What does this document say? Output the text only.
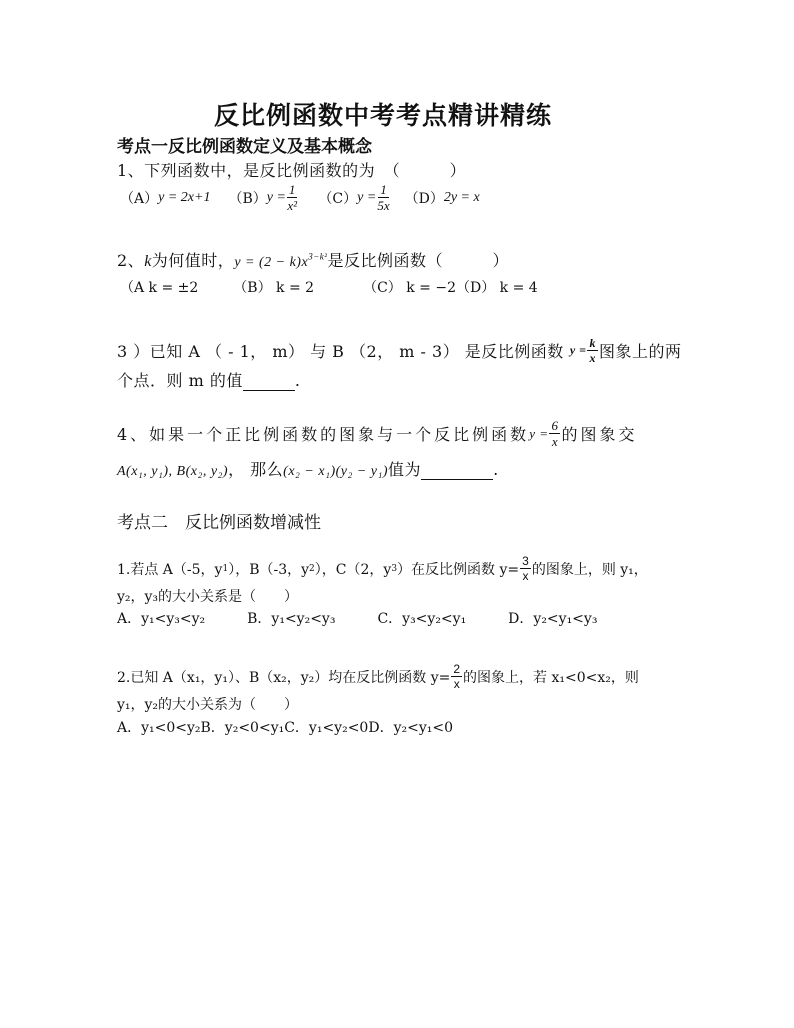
反比例函数中考考点精讲精练
考点一反比例函数定义及基本概念
1、下列函数中，是反比例函数的为　（　　　）
（A） y = 2x+1 （B） $y = \frac{1}{\text{x²}} (C) y = \frac{1}{5x} (D) 2y = x$
2、k为何值时，$y = (2 - k)x^{3-k^2}$是反比例函数（　　　）
（A k = ±2　　　（B） k = 2　　　　（C） k = −2（D） k = 4
3 ）已知 A （ - 1， m） 与 B （2， m - 3） 是反比例函数 $y = \frac{k}{x}$ 图象上的两
个点．则 m 的值	.
4、如果一个正比例函数的图象与一个反比例函数 $y = \frac{6}{x}$ 的图象交
A(x₁, y₁), B(x₂, y₂)， 那么(x₂ − x₁)(y₂ − y₁)值为	.
考点二　反比例函数增减性
1.若点 A（-5，y 1 ），B（-3，y 2 ），C（2，y 3 ）在反比例函数 $y= \frac{3}{x}$ 的图象上，则 y₁，
y₂，y₃的大小关系是（　　）
A．y₁<y₃<y₂　　　B．y₁<y₂<y₃　　　C．y₃<y₂<y₁　　　D．y₂<y₁<y₃
2.已知 A（x₁，y₁）、B（x₂，y₂）均在反比例函数 $y= \frac{2}{x}$ 的图象上，若 x₁<0<x₂，则
y₁，y₂的大小关系为（　　）
A．y₁<0<y₂B．y₂<0<y₁C．y₁<y₂<0D．y₂<y₁<0
